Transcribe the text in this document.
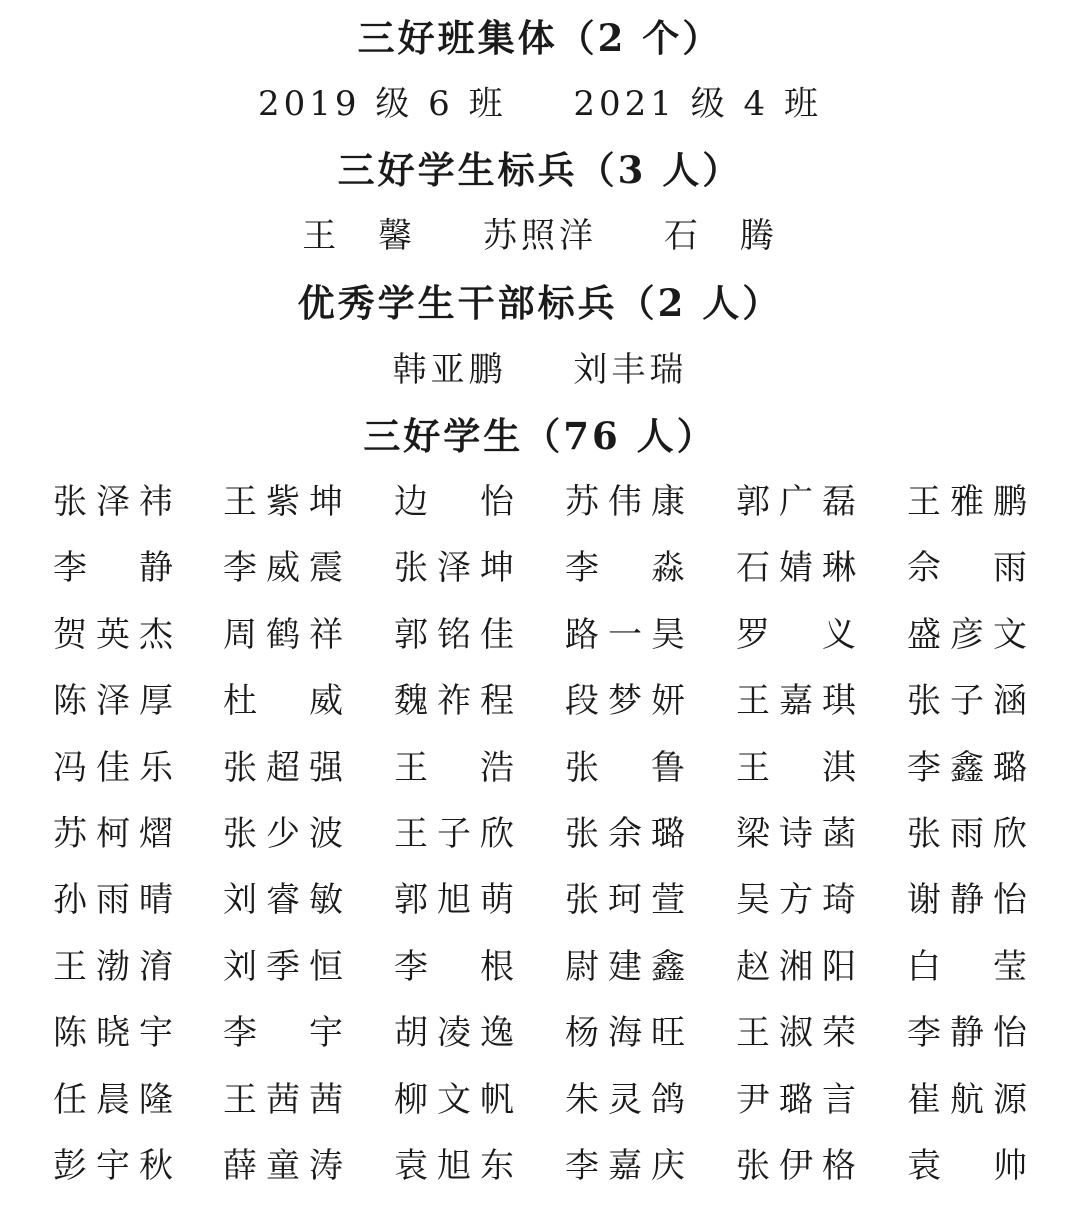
三好班集体（2 个）
2019 级 6 班 2021 级 4 班
三好学生标兵（3 人）
王　馨 苏照洋 石　腾
优秀学生干部标兵（2 人）
韩亚鹏 刘丰瑞
三好学生（76 人）
张 泽 祎 王 紫 坤 边
　 怡 苏 伟 康 郭 广 磊 王 雅 鹏
李
　 静 李 威 震 张 泽 坤 李
　 淼 石 婧 琳 佘
　 雨
贺 英 杰 周 鹤 祥 郭 铭 佳 路 一 昊 罗
　 义 盛 彦 文
陈 泽 厚 杜
　 威 魏 祚 程 段 梦 妍 王 嘉 琪 张 子 涵
冯 佳 乐 张 超 强 王
　 浩 张
　 鲁 王
　 淇 李 鑫 璐
苏 柯 熠 张 少 波 王 子 欣 张 余 璐 梁 诗 菡 张 雨 欣
孙 雨 晴 刘 睿 敏 郭 旭 萌 张 珂 萱 吴 方 琦 谢 静 怡
王 渤 淯 刘 季 恒 李
　 根 尉 建 鑫 赵 湘 阳 白
　 莹
陈 晓 宇 李
　 宇 胡 凌 逸 杨 海 旺 王 淑 荣 李 静 怡
任 晨 隆 王 茜 茜 柳 文 帆 朱 灵 鸽 尹 璐 言 崔 航 源
彭 宇 秋 薛 童 涛 袁 旭 东 李 嘉 庆 张 伊 格 袁
　 帅
